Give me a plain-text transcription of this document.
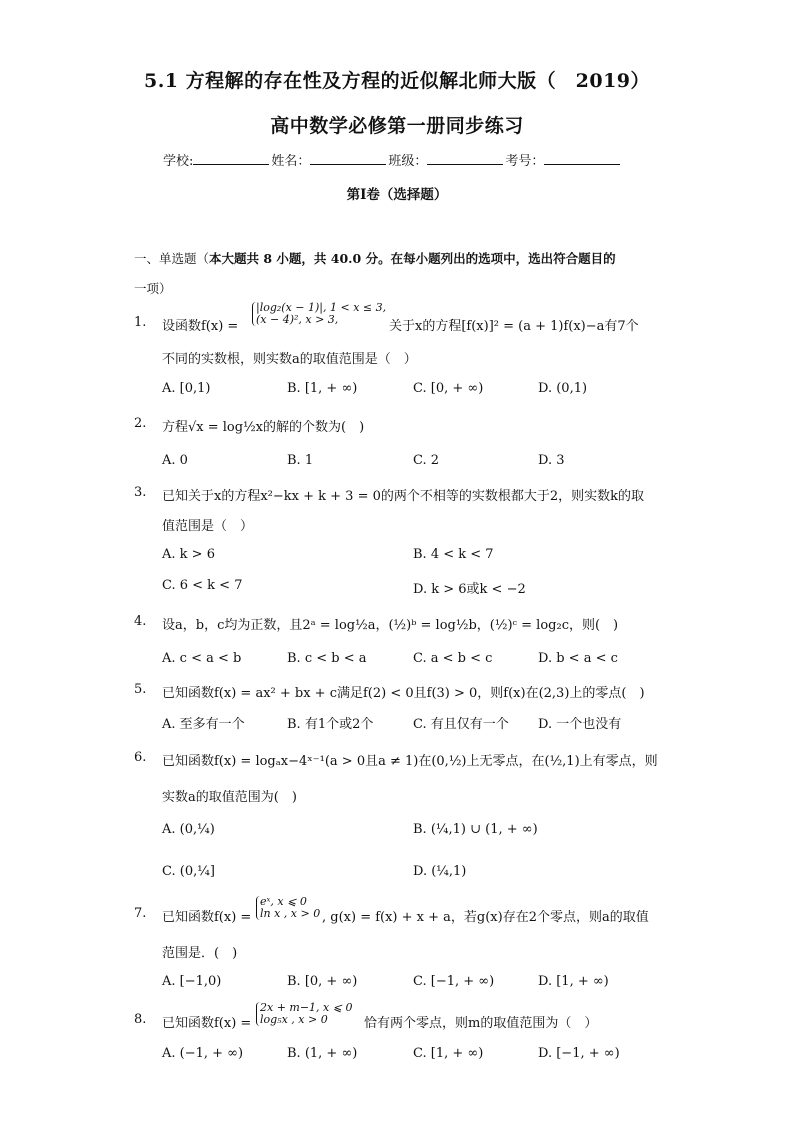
5.1 方程解的存在性及方程的近似解北师大版（　2019）
高中数学必修第一册同步练习
学校:	姓名：	班级：	考号：
第Ⅰ卷（选择题）
一、单选题（本大题共 8 小题，共 40.0 分。在每小题列出的选项中，选出符合题目的
一项）
1.	设函数f(x) =
|log₂(x − 1)|, 1 < x ≤ 3,
(x − 4)², x > 3,	关于x的方程[f(x)]² = (a + 1)f(x)−a有7个
不同的实数根，则实数a的取值范围是（　）
A. [0,1)	B. [1, + ∞)	C. [0, + ∞)	D. (0,1)
2.	方程√x = log½x的解的个数为(　)
A. 0	B. 1	C. 2	D. 3
3.	已知关于x的方程x²−kx + k + 3 = 0的两个不相等的实数根都大于2，则实数k的取
值范围是（　）
A. k > 6	B. 4 < k < 7
C. 6 < k < 7	D. k > 6或k < −2
4.	设a，b，c均为正数，且2ᵃ = log½a，(½)ᵇ = log½b，(½)ᶜ = log₂c，则(　)
A. c < a < b	B. c < b < a	C. a < b < c	D. b < a < c
5.	已知函数f(x) = ax² + bx + c满足f(2) < 0且f(3) > 0，则f(x)在(2,3)上的零点(　)
A. 至多有一个	B. 有1个或2个	C. 有且仅有一个 D. 一个也没有
6.	已知函数f(x) = logₐx−4ˣ⁻¹(a > 0且a ≠ 1)在(0,½)上无零点，在(½,1)上有零点，则
实数a的取值范围为(　)
A. (0,¼)	B. (¼,1) ∪ (1, + ∞)
C. (0,¼]	D. (¼,1)
7.	已知函数f(x) =
eˣ, x ⩽ 0
ln x , x > 0 , g(x) = f(x) + x + a，若g(x)存在2个零点，则a的取值
范围是．(　)
A. [−1,0)	B. [0, + ∞)	C. [−1, + ∞)	D. [1, + ∞)
8.	已知函数f(x) =
2x + m−1, x ⩽ 0
log₅x , x > 0	恰有两个零点，则m的取值范围为（　）
A. (−1, + ∞)	B. (1, + ∞)	C. [1, + ∞)	D. [−1, + ∞)
